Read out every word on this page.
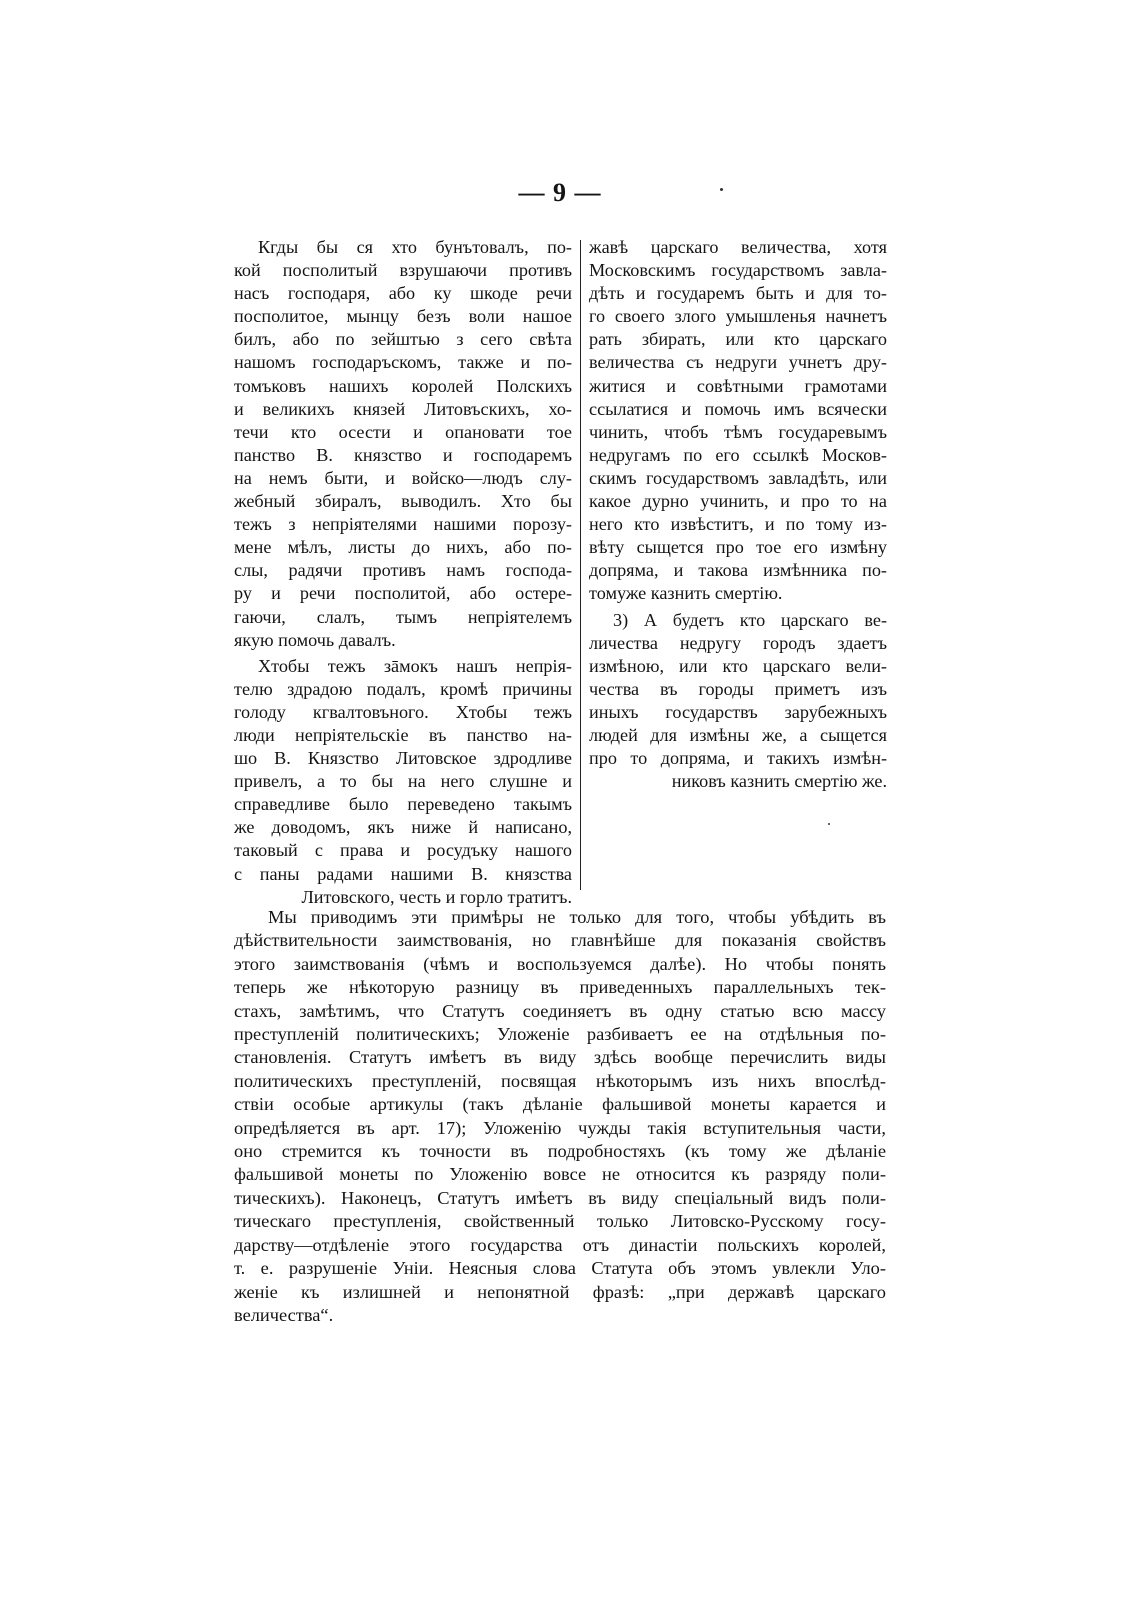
— 9 —
Кгды бы ся хто бунътовалъ, по-
кой посполитый взрушаючи противъ
насъ господаря, або ку шкоде речи
посполитое, мынцу безъ воли нашое
билъ, або по зeйштью з сего свѣта
нашомъ господаръскомъ, также и по-
томъковъ нашихъ королей Полскихъ
и великихъ князей Литовъскихъ, хо-
течи кто осести и опановати тое
панство В. князство и господаремъ
на немъ быти, и войско—людъ слу-
жебный збиралъ, выводилъ. Хто бы
тежъ з непріятелями нашими порозу-
мене мѣлъ, листы до нихъ, або по-
слы, радячи противъ намъ господа-
ру и речи посполитой, або остере-
гаючи, слалъ, тымъ непріятелемъ
якую помочь давалъ.
Хтобы тежъ зāмокъ нашъ непрія-
телю здрадою подалъ, кромѣ причины
голоду кгвалтовъного. Хтобы тежъ
люди непріятельскіе въ панство на-
шо В. Князство Литовское здродливе
привелъ, а то бы на него слушне и
справедливе было переведено такымъ
же доводомъ, якъ ниже й написано,
таковый с права и росудъку нашого
с паны радами нашими В. князства
Литовского, честь и горло тратитъ.
жавѣ царскаго величества, хотя
Московскимъ государствомъ завла-
дѣть и государемъ быть и для то-
го своего злого умышленья начнетъ
рать збирать, или кто царскаго
величества съ недруги учнетъ дру-
житися и совѣтными грамотами
ссылатися и помочь имъ всячески
чинить, чтобъ тѣмъ государевымъ
недругамъ по его ссылкѣ Москов-
скимъ государствомъ завладѣть, или
какое дурно учинить, и про то на
него кто извѣститъ, и по тому из-
вѣту сыщется про тое его измѣну
допряма, и такова измѣнника по-
томуже казнить смертію.
3) А будетъ кто царскаго ве-
личества недругу городъ здаетъ
измѣною, или кто царскаго вели-
чества въ городы приметъ изъ
иныхъ государствъ зарубежныхъ
людей для измѣны же, а сыщется
про то допряма, и такихъ измѣн-
никовъ казнить смертію же.
Мы приводимъ эти примѣры не только для того, чтобы убѣдить въ
дѣйствительности заимствованія, но главнѣйше для показанія свойствъ
этого заимствованія (чѣмъ и воспользуемся далѣе). Но чтобы понять
теперь же нѣкоторую разницу въ приведенныхъ параллельныхъ тек-
стахъ, замѣтимъ, что Статутъ соединяетъ въ одну статью всю массу
преступленій политическихъ; Уложеніе разбиваетъ ее на отдѣльныя по-
становленія. Статутъ имѣетъ въ виду здѣсь вообще перечислить виды
политическихъ преступленій, посвящая нѣкоторымъ изъ нихъ впослѣд-
ствіи особые артикулы (такъ дѣланіе фальшивой монеты карается и
опредѣляется въ арт. 17); Уложенію чужды такія вступительныя части,
оно стремится къ точности въ подробностяхъ (къ тому же дѣланіе
фальшивой монеты по Уложенію вовсе не относится къ разряду поли-
тическихъ). Наконецъ, Статутъ имѣетъ въ виду спеціальный видъ поли-
тическаго преступленія, свойственный только Литовско-Русскому госу-
дарству—отдѣленіе этого государства отъ династіи польскихъ королей,
т. е. разрушеніе Уніи. Неясныя слова Статута объ этомъ увлекли Уло-
женіе къ излишней и непонятной фразѣ: „при державѣ царскаго
величества“.
